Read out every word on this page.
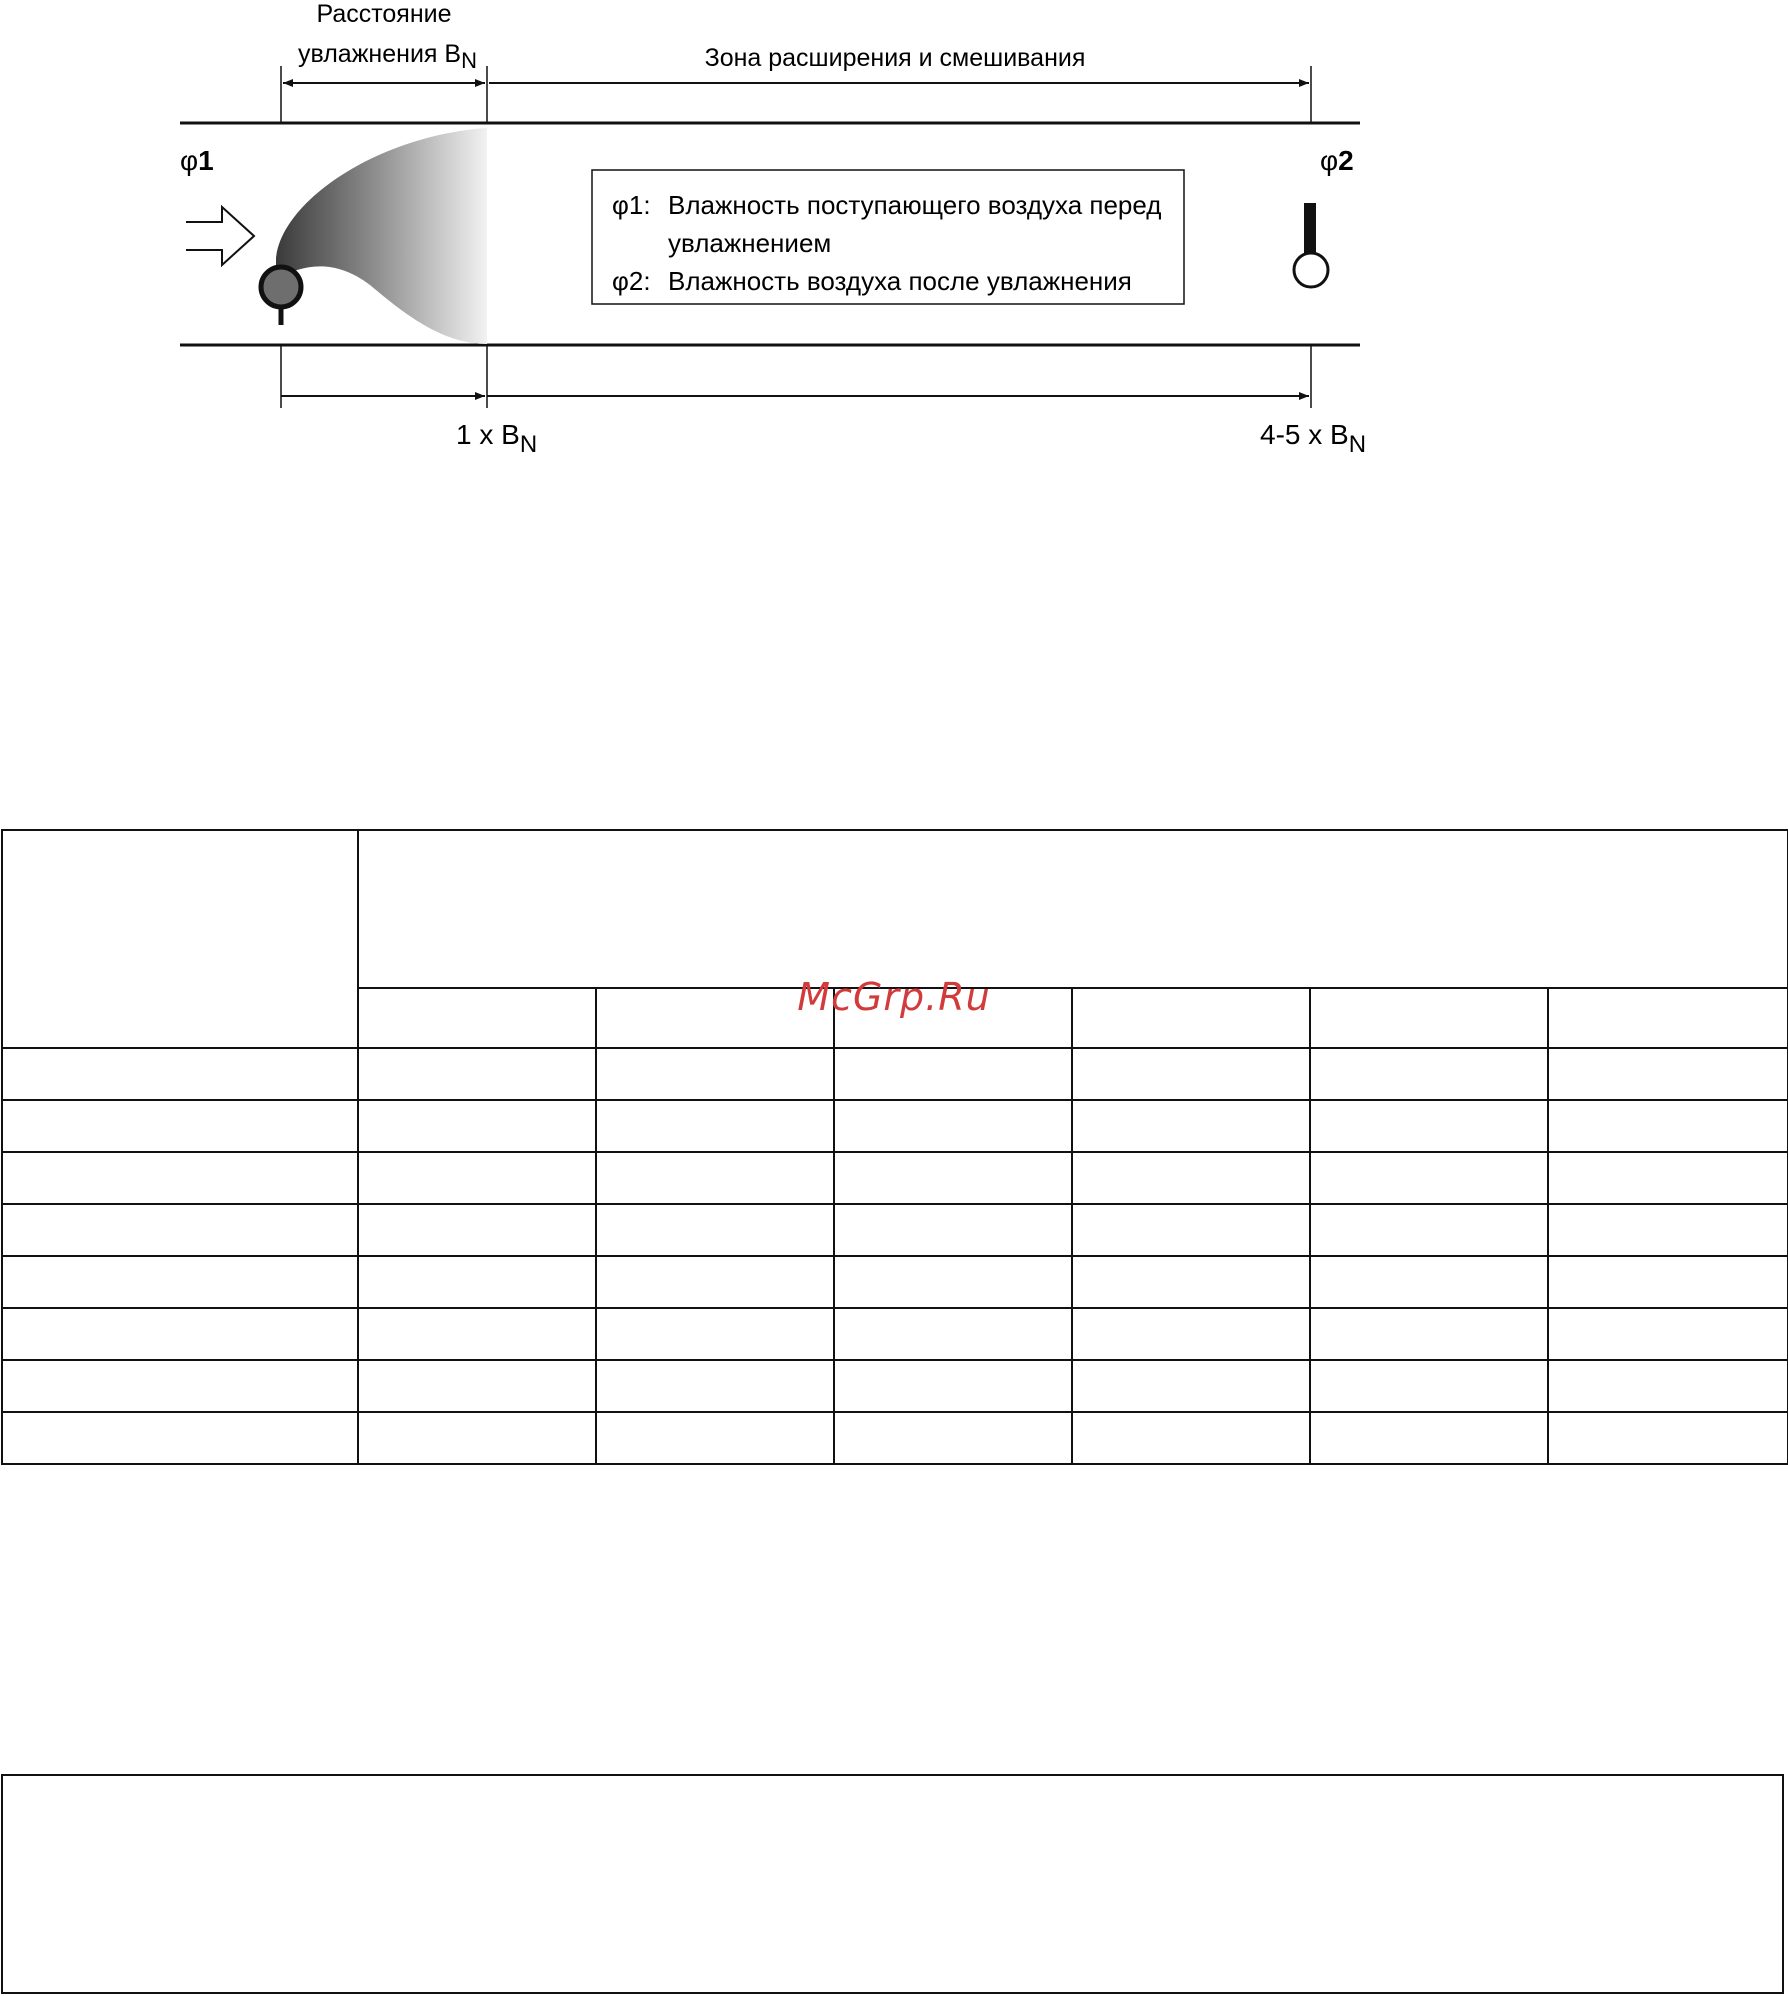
Расстояние
увлажнения BN	Зона расширения и смешивания
φ1	φ2
φ1: Влажность поступающего воздуха перед
увлажнением
φ2: Влажность воздуха после увлажнения
1 x BN	4-5 x BN

McGrp.Ru
